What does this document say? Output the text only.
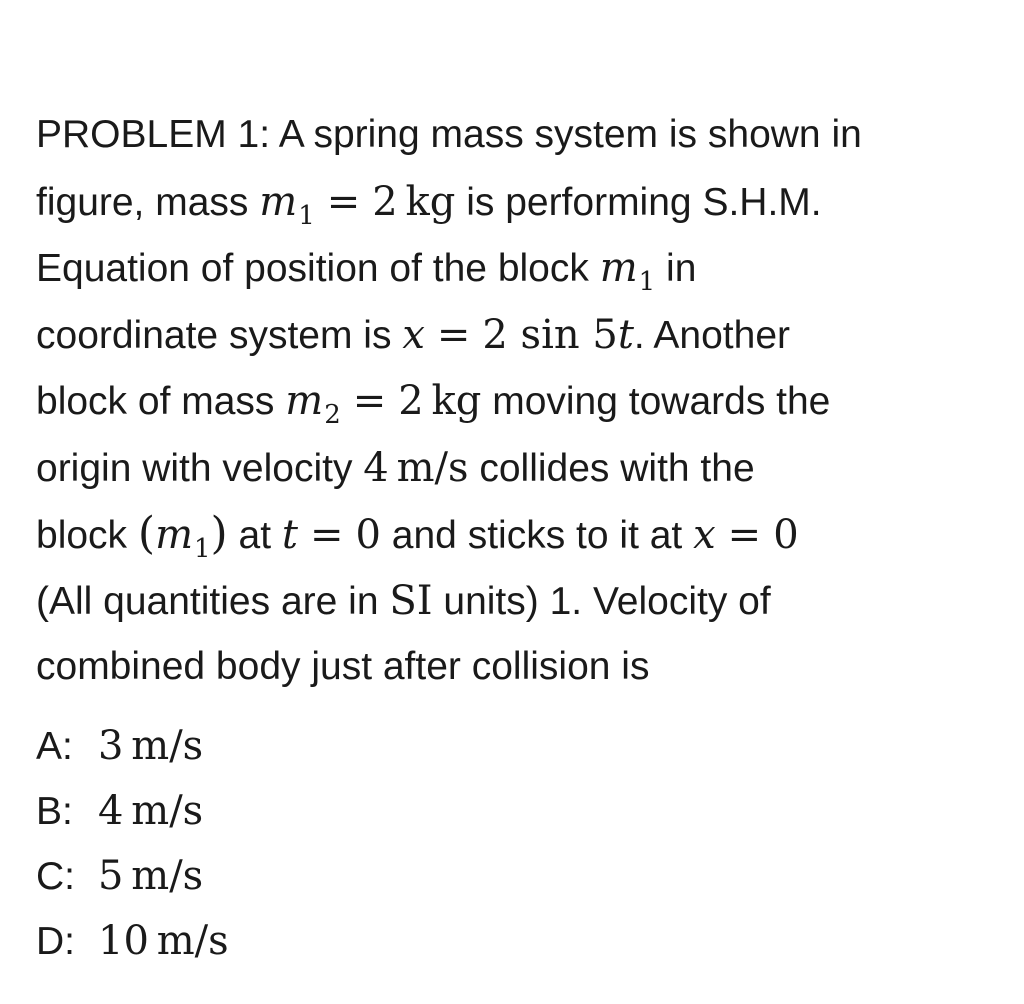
PROBLEM 1: A spring mass system is shown in
figure, mass $m_1 = 2$  kg is performing S.H.M.
Equation of position of the block $m_1$ in
coordinate system is x = 2 sin 5t. Another
block of mass $m_2 = 2$  kg moving towards the
origin with velocity 4  m/s collides with the
block $(m_1)$ at t = 0 and sticks to it at x = 0
(All quantities are in SI units) 1. Velocity of
combined body just after collision is
A: 3  m/s
B: 4  m/s
C: 5  m/s
D: 10  m/s
